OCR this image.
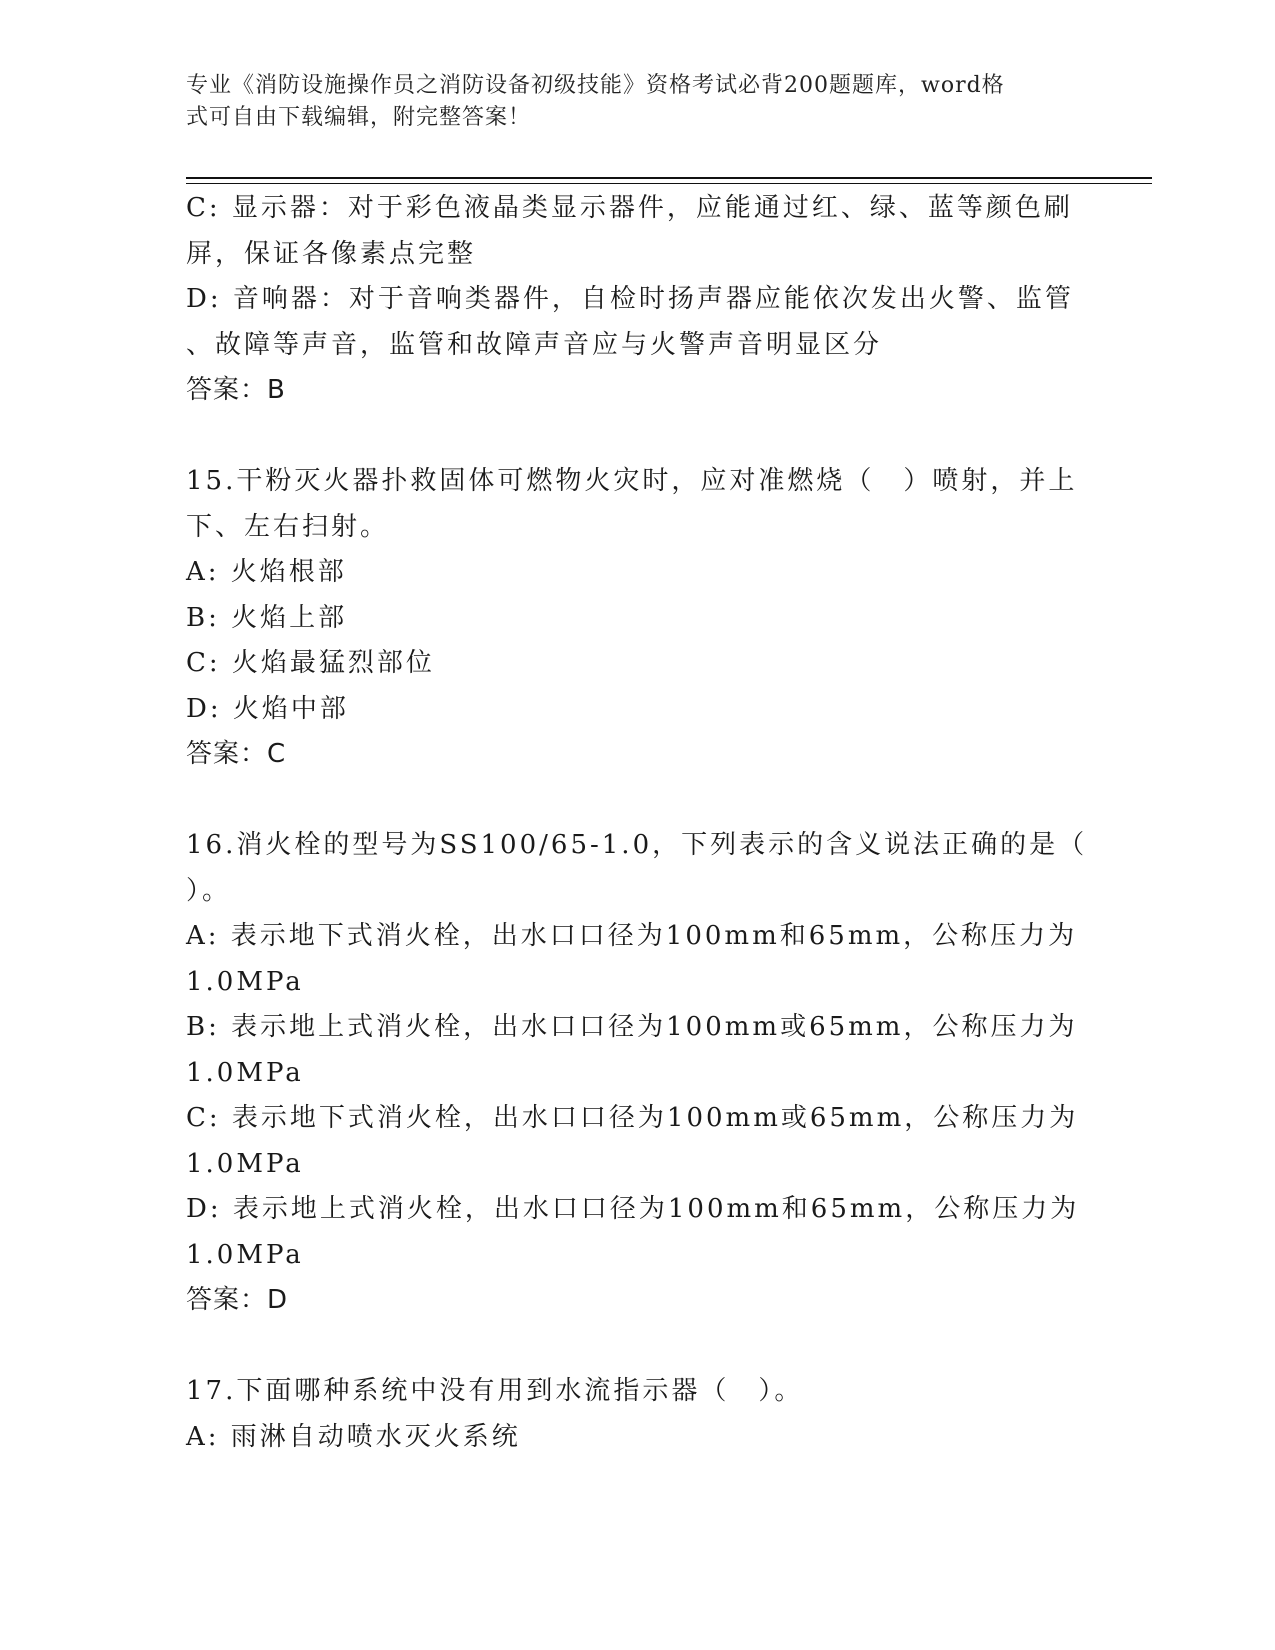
专业《消防设施操作员之消防设备初级技能》资格考试必背200题题库，word格
式可自由下载编辑，附完整答案！

C: 显示器：对于彩色液晶类显示器件，应能通过红、绿、蓝等颜色刷

屏，保证各像素点完整

D: 音响器：对于音响类器件，自检时扬声器应能依次发出火警、监管

、故障等声音，监管和故障声音应与火警声音明显区分

答案：B

15.干粉灭火器扑救固体可燃物火灾时，应对准燃烧（　）喷射，并上

下、左右扫射。

A: 火焰根部

B: 火焰上部

C: 火焰最猛烈部位

D: 火焰中部

答案：C

16.消火栓的型号为SS100/65-1.0，下列表示的含义说法正确的是（

）。

A: 表示地下式消火栓，出水口口径为100mm和65mm，公称压力为

1.0MPa

B: 表示地上式消火栓，出水口口径为100mm或65mm，公称压力为

1.0MPa

C: 表示地下式消火栓，出水口口径为100mm或65mm，公称压力为

1.0MPa

D: 表示地上式消火栓，出水口口径为100mm和65mm，公称压力为

1.0MPa

答案：D

17.下面哪种系统中没有用到水流指示器（　）。

A: 雨淋自动喷水灭火系统
